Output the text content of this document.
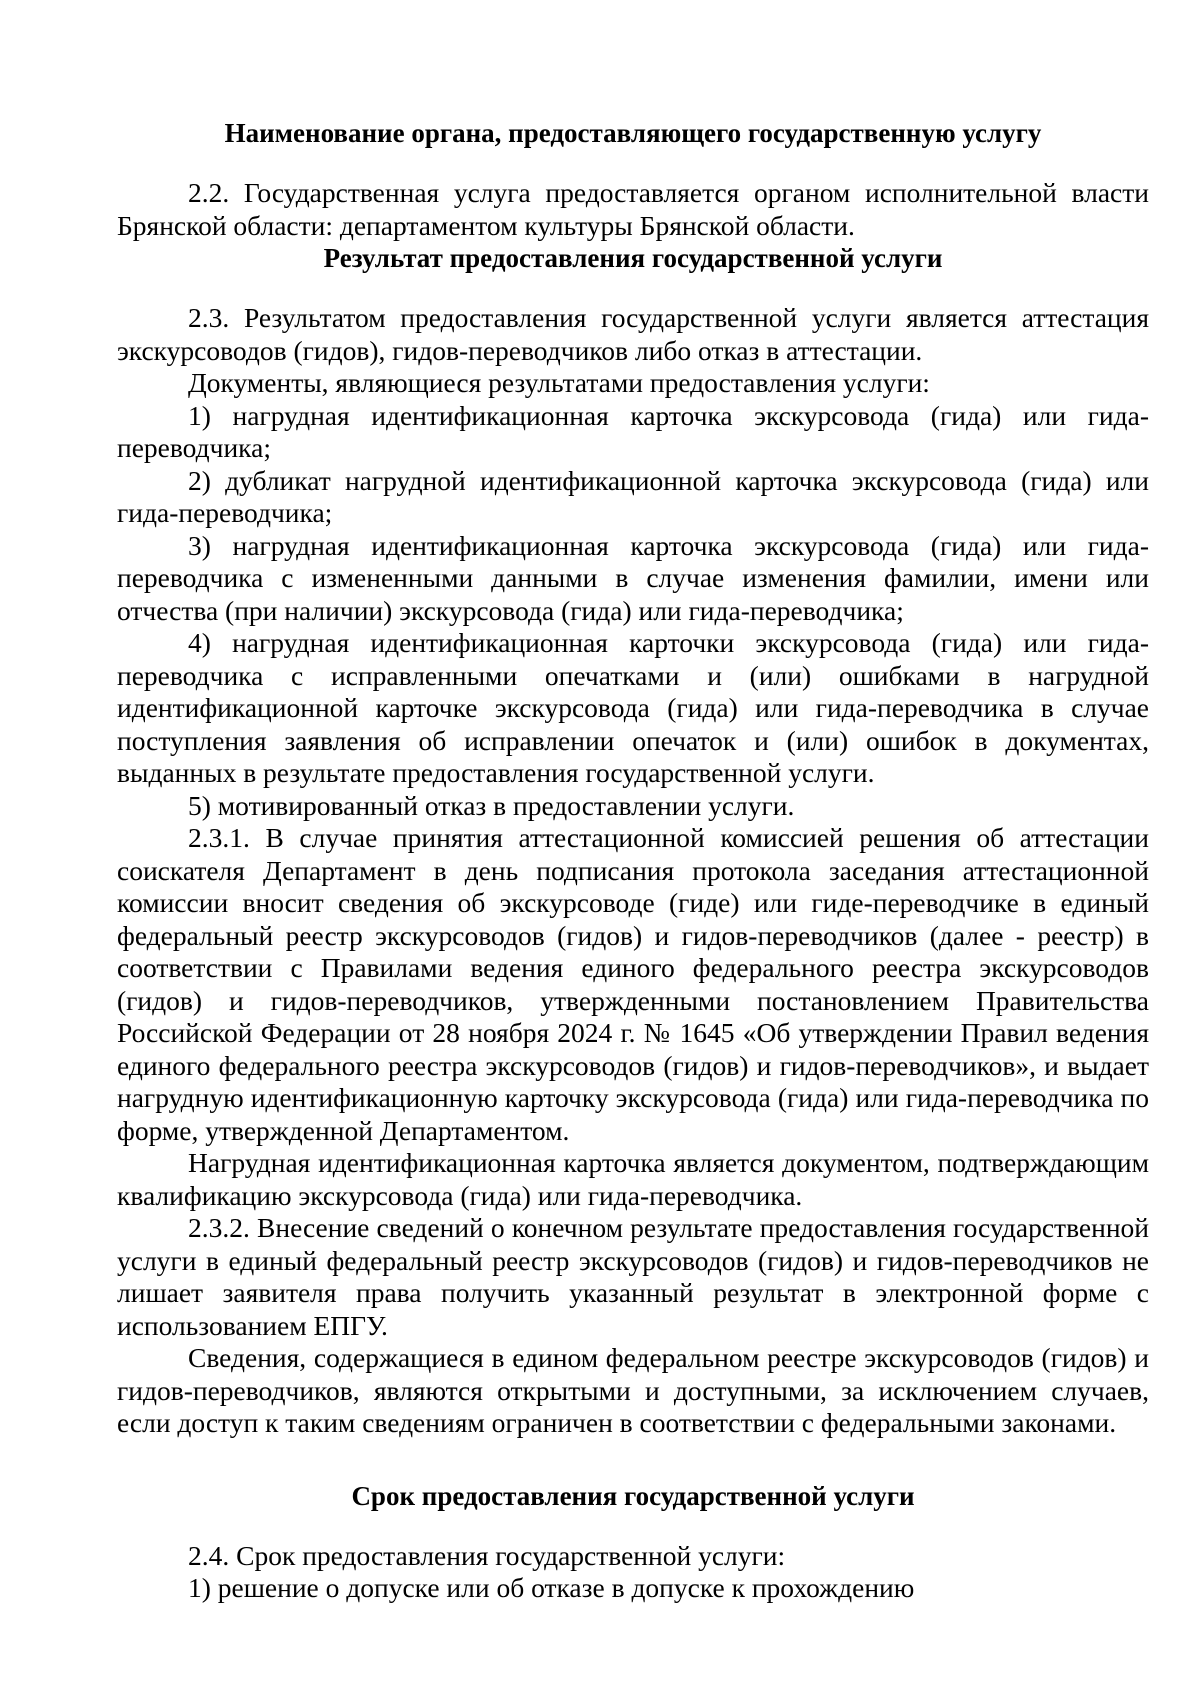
Наименование органа, предоставляющего государственную услугу

2.2. Государственная услуга предоставляется органом исполнительной власти Брянской области: департаментом культуры Брянской области.

Результат предоставления государственной услуги

2.3. Результатом предоставления государственной услуги является аттестация экскурсоводов (гидов), гидов-переводчиков либо отказ в аттестации.

Документы, являющиеся результатами предоставления услуги:

1) нагрудная идентификационная карточка экскурсовода (гида) или гида-переводчика;

2) дубликат нагрудной идентификационной карточка экскурсовода (гида) или гида-переводчика;

3) нагрудная идентификационная карточка экскурсовода (гида) или гида-переводчика с измененными данными в случае изменения фамилии, имени или отчества (при наличии) экскурсовода (гида) или гида-переводчика;

4) нагрудная идентификационная карточки экскурсовода (гида) или гида-переводчика с исправленными опечатками и (или) ошибками в нагрудной идентификационной карточке экскурсовода (гида) или гида-переводчика в случае поступления заявления об исправлении опечаток и (или) ошибок в документах, выданных в результате предоставления государственной услуги.

5) мотивированный отказ в предоставлении услуги.

2.3.1. В случае принятия аттестационной комиссией решения об аттестации соискателя Департамент в день подписания протокола заседания аттестационной комиссии вносит сведения об экскурсоводе (гиде) или гиде-переводчике в единый федеральный реестр экскурсоводов (гидов) и гидов-переводчиков (далее - реестр) в соответствии с Правилами ведения единого федерального реестра экскурсоводов (гидов) и гидов-переводчиков, утвержденными постановлением Правительства Российской Федерации от 28 ноября 2024 г. № 1645 «Об утверждении Правил ведения единого федерального реестра экскурсоводов (гидов) и гидов-переводчиков», и выдает нагрудную идентификационную карточку экскурсовода (гида) или гида-переводчика по форме, утвержденной Департаментом.

Нагрудная идентификационная карточка является документом, подтверждающим квалификацию экскурсовода (гида) или гида-переводчика.

2.3.2. Внесение сведений о конечном результате предоставления государственной услуги в единый федеральный реестр экскурсоводов (гидов) и гидов-переводчиков не лишает заявителя права получить указанный результат в электронной форме с использованием ЕПГУ.

Сведения, содержащиеся в едином федеральном реестре экскурсоводов (гидов) и гидов-переводчиков, являются открытыми и доступными, за исключением случаев, если доступ к таким сведениям ограничен в соответствии с федеральными законами.

Срок предоставления государственной услуги

2.4. Срок предоставления государственной услуги:

1) решение о допуске или об отказе в допуске к прохождению
